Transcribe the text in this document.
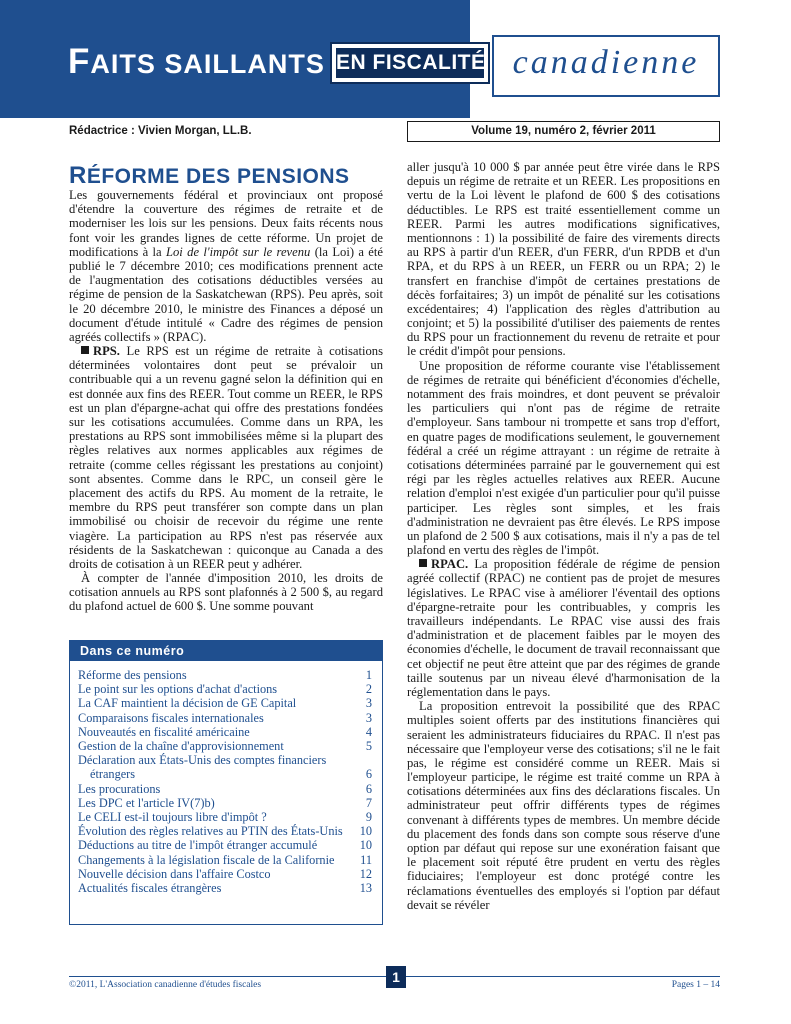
FAITS SAILLANTS EN FISCALITÉ canadienne
Rédactrice : Vivien Morgan, LL.B.	Volume 19, numéro 2, février 2011
RÉFORME DES PENSIONS

Les gouvernements fédéral et provinciaux ont proposé d'étendre la couverture des régimes de retraite et de moderniser les lois sur les pensions. Deux faits récents nous font voir les grandes lignes de cette réforme. Un projet de modifications à la Loi de l'impôt sur le revenu (la Loi) a été publié le 7 décembre 2010; ces modifications prennent acte de l'augmentation des cotisations déductibles versées au régime de pension de la Saskatchewan (RPS). Peu après, soit le 20 décembre 2010, le ministre des Finances a déposé un document d'étude intitulé « Cadre des régimes de pension agréés collectifs » (RPAC).

RPS. Le RPS est un régime de retraite à cotisations déterminées volontaires dont peut se prévaloir un contribuable qui a un revenu gagné selon la définition qui en est donnée aux fins des REER. Tout comme un REER, le RPS est un plan d'épargne-achat qui offre des prestations fondées sur les cotisations accumulées. Comme dans un RPA, les prestations au RPS sont immobilisées même si la plupart des règles relatives aux normes applicables aux régimes de retraite (comme celles régissant les prestations au conjoint) sont absentes. Comme dans le RPC, un conseil gère le placement des actifs du RPS. Au moment de la retraite, le membre du RPS peut transférer son compte dans un plan immobilisé ou choisir de recevoir du régime une rente viagère. La participation au RPS n'est pas réservée aux résidents de la Saskatchewan : quiconque au Canada a des droits de cotisation à un REER peut y adhérer.

À compter de l'année d'imposition 2010, les droits de cotisation annuels au RPS sont plafonnés à 2 500 $, au regard du plafond actuel de 600 $. Une somme pouvant

aller jusqu'à 10 000 $ par année peut être virée dans le RPS depuis un régime de retraite et un REER. Les propositions en vertu de la Loi lèvent le plafond de 600 $ des cotisations déductibles. Le RPS est traité essentiellement comme un REER. Parmi les autres modifications significatives, mentionnons : 1) la possibilité de faire des virements directs au RPS à partir d'un REER, d'un FERR, d'un RPDB et d'un RPA, et du RPS à un REER, un FERR ou un RPA; 2) le transfert en franchise d'impôt de certaines prestations de décès forfaitaires; 3) un impôt de pénalité sur les cotisations excédentaires; 4) l'application des règles d'attribution au conjoint; et 5) la possibilité d'utiliser des paiements de rentes du RPS pour un fractionnement du revenu de retraite et pour le crédit d'impôt pour pensions.

Une proposition de réforme courante vise l'établissement de régimes de retraite qui bénéficient d'économies d'échelle, notamment des frais moindres, et dont peuvent se prévaloir les particuliers qui n'ont pas de régime de retraite d'employeur. Sans tambour ni trompette et sans trop d'effort, en quatre pages de modifications seulement, le gouvernement fédéral a créé un régime attrayant : un régime de retraite à cotisations déterminées parrainé par le gouvernement qui est régi par les règles actuelles relatives aux REER. Aucune relation d'emploi n'est exigée d'un particulier pour qu'il puisse participer. Les règles sont simples, et les frais d'administration ne devraient pas être élevés. Le RPS impose un plafond de 2 500 $ aux cotisations, mais il n'y a pas de tel plafond en vertu des règles de l'impôt.

RPAC. La proposition fédérale de régime de pension agréé collectif (RPAC) ne contient pas de projet de mesures législatives. Le RPAC vise à améliorer l'éventail des options d'épargne-retraite pour les contribuables, y compris les travailleurs indépendants. Le RPAC vise aussi des frais d'administration et de placement faibles par le moyen des économies d'échelle, le document de travail reconnaissant que cet objectif ne peut être atteint que par des régimes de grande taille soutenus par un niveau élevé d'harmonisation de la réglementation dans le pays.

La proposition entrevoit la possibilité que des RPAC multiples soient offerts par des institutions financières qui seraient les administrateurs fiduciaires du RPAC. Il n'est pas nécessaire que l'employeur verse des cotisations; s'il ne le fait pas, le régime est considéré comme un REER. Mais si l'employeur participe, le régime est traité comme un RPA à cotisations déterminées aux fins des déclarations fiscales. Un administrateur peut offrir différents types de régimes convenant à différents types de membres. Un membre décide du placement des fonds dans son compte sous réserve d'une option par défaut qui repose sur une exonération faisant que le placement soit réputé être prudent en vertu des règles fiduciaires; l'employeur est donc protégé contre les réclamations éventuelles des employés si l'option par défaut devait se révéler

Dans ce numéro
Réforme des pensions	1
Le point sur les options d'achat d'actions	2
La CAF maintient la décision de GE Capital	3
Comparaisons fiscales internationales	3
Nouveautés en fiscalité américaine	4
Gestion de la chaîne d'approvisionnement	5
Déclaration aux États-Unis des comptes financiers étrangers	6
Les procurations	6
Les DPC et l'article IV(7)b)	7
Le CELI est-il toujours libre d'impôt ?	9
Évolution des règles relatives au PTIN des États-Unis	10
Déductions au titre de l'impôt étranger accumulé	10
Changements à la législation fiscale de la Californie	11
Nouvelle décision dans l'affaire Costco	12
Actualités fiscales étrangères	13
©2011, L'Association canadienne d'études fiscales	1	Pages 1 – 14
